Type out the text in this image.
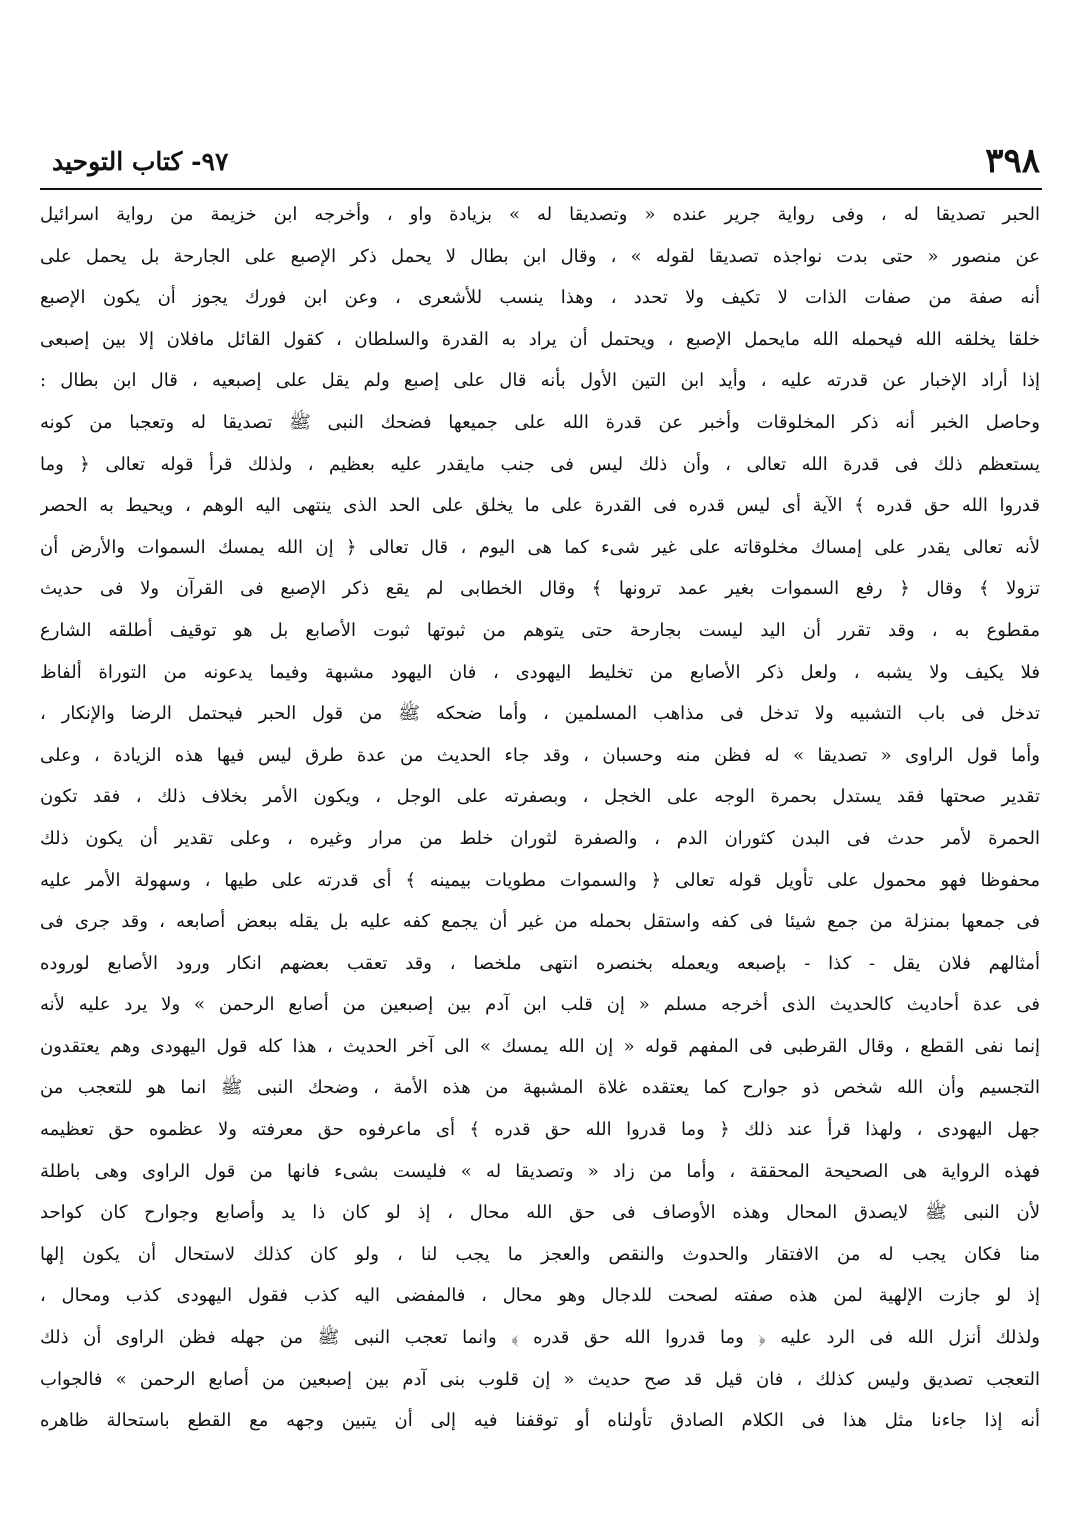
٣٩٨
٩٧- كتاب التوحيد
الحبر تصديقا له ، وفى رواية جرير عنده « وتصديقا له » بزيادة واو ، وأخرجه ابن خزيمة من رواية اسرائيل
عن منصور « حتى بدت نواجذه تصديقا لقوله » ، وقال ابن بطال لا يحمل ذكر الإصبع على الجارحة بل يحمل على
أنه صفة من صفات الذات لا تكيف ولا تحدد ، وهذا ينسب للأشعرى ، وعن ابن فورك يجوز أن يكون الإصبع
خلقا يخلقه الله فيحمله الله مايحمل الإصبع ، ويحتمل أن يراد به القدرة والسلطان ، كقول القائل مافلان إلا بين إصبعى
إذا أراد الإخبار عن قدرته عليه ، وأيد ابن التين الأول بأنه قال على إصبع ولم يقل على إصبعيه ، قال ابن بطال :
وحاصل الخبر أنه ذكر المخلوقات وأخبر عن قدرة الله على جميعها فضحك النبى ﷺ تصديقا له وتعجبا من كونه
يستعظم ذلك فى قدرة الله تعالى ، وأن ذلك ليس فى جنب مايقدر عليه بعظيم ، ولذلك قرأ قوله تعالى ﴿ وما
قدروا الله حق قدره ﴾ الآية أى ليس قدره فى القدرة على ما يخلق على الحد الذى ينتهى اليه الوهم ، ويحيط به الحصر
لأنه تعالى يقدر على إمساك مخلوقاته على غير شىء كما هى اليوم ، قال تعالى ﴿ إن الله يمسك السموات والأرض أن
تزولا ﴾ وقال ﴿ رفع السموات بغير عمد ترونها ﴾ وقال الخطابى لم يقع ذكر الإصبع فى القرآن ولا فى حديث
مقطوع به ، وقد تقرر أن اليد ليست بجارحة حتى يتوهم من ثبوتها ثبوت الأصابع بل هو توقيف أطلقه الشارع
فلا يكيف ولا يشبه ، ولعل ذكر الأصابع من تخليط اليهودى ، فان اليهود مشبهة وفيما يدعونه من التوراة ألفاظ
تدخل فى باب التشبيه ولا تدخل فى مذاهب المسلمين ، وأما ضحكه ﷺ من قول الحبر فيحتمل الرضا والإنكار ،
وأما قول الراوى « تصديقا » له فظن منه وحسبان ، وقد جاء الحديث من عدة طرق ليس فيها هذه الزيادة ، وعلى
تقدير صحتها فقد يستدل بحمرة الوجه على الخجل ، وبصفرته على الوجل ، ويكون الأمر بخلاف ذلك ، فقد تكون
الحمرة لأمر حدث فى البدن كثوران الدم ، والصفرة لثوران خلط من مرار وغيره ، وعلى تقدير أن يكون ذلك
محفوظا فهو محمول على تأويل قوله تعالى ﴿ والسموات مطويات بيمينه ﴾ أى قدرته على طيها ، وسهولة الأمر عليه
فى جمعها بمنزلة من جمع شيئا فى كفه واستقل بحمله من غير أن يجمع كفه عليه بل يقله ببعض أصابعه ، وقد جرى فى
أمثالهم فلان يقل - كذا - بإصبعه ويعمله بخنصره انتهى ملخصا ، وقد تعقب بعضهم انكار ورود الأصابع لوروده
فى عدة أحاديث كالحديث الذى أخرجه مسلم « إن قلب ابن آدم بين إصبعين من أصابع الرحمن » ولا يرد عليه لأنه
إنما نفى القطع ، وقال القرطبى فى المفهم قوله « إن الله يمسك » الى آخر الحديث ، هذا كله قول اليهودى وهم يعتقدون
التجسيم وأن الله شخص ذو جوارح كما يعتقده غلاة المشبهة من هذه الأمة ، وضحك النبى ﷺ انما هو للتعجب من
جهل اليهودى ، ولهذا قرأ عند ذلك ﴿ وما قدروا الله حق قدره ﴾ أى ماعرفوه حق معرفته ولا عظموه حق تعظيمه
فهذه الرواية هى الصحيحة المحققة ، وأما من زاد « وتصديقا له » فليست بشىء فانها من قول الراوى وهى باطلة
لأن النبى ﷺ لايصدق المحال وهذه الأوصاف فى حق الله محال ، إذ لو كان ذا يد وأصابع وجوارح كان كواحد
منا فكان يجب له من الافتقار والحدوث والنقص والعجز ما يجب لنا ، ولو كان كذلك لاستحال أن يكون إلها
إذ لو جازت الإلهية لمن هذه صفته لصحت للدجال وهو محال ، فالمفضى اليه كذب فقول اليهودى كذب ومحال ،
ولذلك أنزل الله فى الرد عليه ﴿ وما قدروا الله حق قدره ﴾ وانما تعجب النبى ﷺ من جهله فظن الراوى أن ذلك
التعجب تصديق وليس كذلك ، فان قيل قد صح حديث « إن قلوب بنى آدم بين إصبعين من أصابع الرحمن » فالجواب
أنه إذا جاءنا مثل هذا فى الكلام الصادق تأولناه أو توقفنا فيه إلى أن يتبين وجهه مع القطع باستحالة ظاهره
